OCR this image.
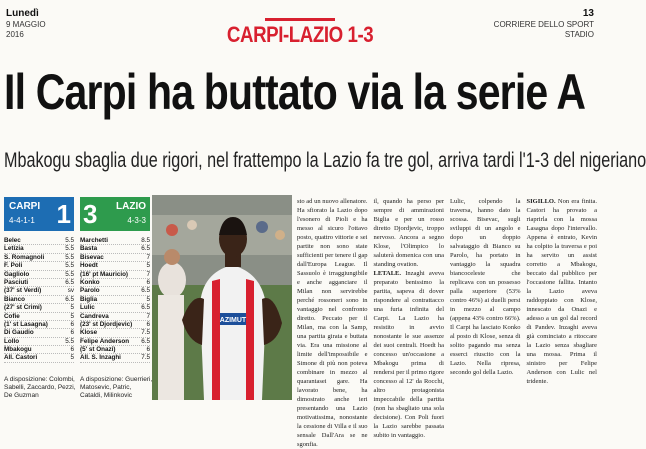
Lunedì
9 MAGGIO
2016	CARPI-LAZIO 1-3
13
CORRIERE DELLO SPORT
STADIO
Il Carpi ha buttato via la serie A
Mbakogu sbaglia due rigori, nel frattempo la Lazio fa tre gol, arriva tardi l'1-3 del nigeriano
CARPI
4-4-1-1 1 3 LAZIO
4-3-3
Belec	5.5
Letizia	5.5
S. Romagnoli	5.5
F. Poli	5.5
Gagliolo	5.5
Pasciuti	6.5
(37' st Verdi)	sv
Bianco	6.5
(27' st Crimi)	5
Cofie	5
(1' st Lasagna)	6
Di Gaudio	6
Lollo	5.5
Mbakogu	6
All. Castori	5
Marchetti	8.5
Basta	6.5
Bisevac	7
Hoedt	5
(16' pt Mauricio)	7
Konko	6
Parolo	6.5
Biglia	5
Lulic	6.5
Candreva	7
(23' st Djordjevic) 6
Klose	7.5
Felipe Anderson 6.5
(5' st Onazi)	6
All. S. Inzaghi	7.5
A disposizione: Colombi, Sabelli, Zaccardo, Pezzi, De Guzman
A disposizione: Guerrieri, Matosevic, Patric, Cataldi, Milinkovic
AZIMUT
sto ad un nuovo allenatore. Ha sfiorato la Lazio dopo l'esonero di Pioli e ha messo al sicuro l'ottavo posto, quattro vittorie e sei partite non sono state sufficienti per tenere il gap dall'Europa League. Il Sassuolo è irraggiungibile e anche agganciare il Milan non servirebbe perché rossoneri sono in vantaggio nel confronto diretto. Peccato per il Milan, ma con la Samp, una partita girata e buttata via. Era una missione al limite dell'impossibile e Simone di più non poteva combinare in mezzo al quarantasei gare. Ha lavorato bene, ha dimostrato anche ieri presentando una Lazio motivatissima, nonostante la cessione di Villa e il suo sensale Dall'Ara se ne sgonfia.
il, quando ha perso per sempre di ammirazioni Biglia e per un rosso diretto Djordjevic, troppo nervoso. Ancora a segno Klose, l'Olimpico lo saluterà domenica con una standing ovation.
LETALE. Inzaghi aveva preparato benissimo la partita, sapeva di dover rispondere al contrattacco una furia infinita del Carpi. La Lazio ha resistito in avvio nonostante le sue assenze dei suoi centrali. Hoedt ha concesso un'occasione a Mbakogu prima di rendersi per il primo rigore concesso al 12' da Rocchi, altro protagonista impeccabile della partita (non ha sbagliato una sola decisione). Con Poli fuori la Lazio sarebbe passata subito in vantaggio.
Lulic, colpendo la traversa, hanno dato la scossa. Bisevac, sugli sviluppi di un angolo e dopo un doppio salvataggio di Bianco su Parolo, ha portato in vantaggio la squadra biancoceleste che replicava con un possesso palla superiore (53% contro 46%) ai duelli persi in mezzo al campo (appena 43% contro 66%). Il Carpi ha lasciato Konko al posto di Klose, senza di solito pagando ma senza esserci riuscito con la Lazio. Nella ripresa, secondo gol della Lazio.
SIGILLO. Non era finita. Castori ha provato a riaprirla con la mossa Lasagna dopo l'intervallo. Appena è entrato, Kevin ha colpito la traversa e poi ha servito un assist corretto a Mbakogu, beccato dal pubblico per l'occasione fallita. Intanto la Lazio aveva raddoppiato con Klose, innescato da Onazi e adesso a un gol dal record di Pandev. Inzaghi aveva già cominciato a ritoccare la Lazio senza sbagliare una mossa. Prima il sinistro per Felipe Anderson con Lulic nel tridente.
